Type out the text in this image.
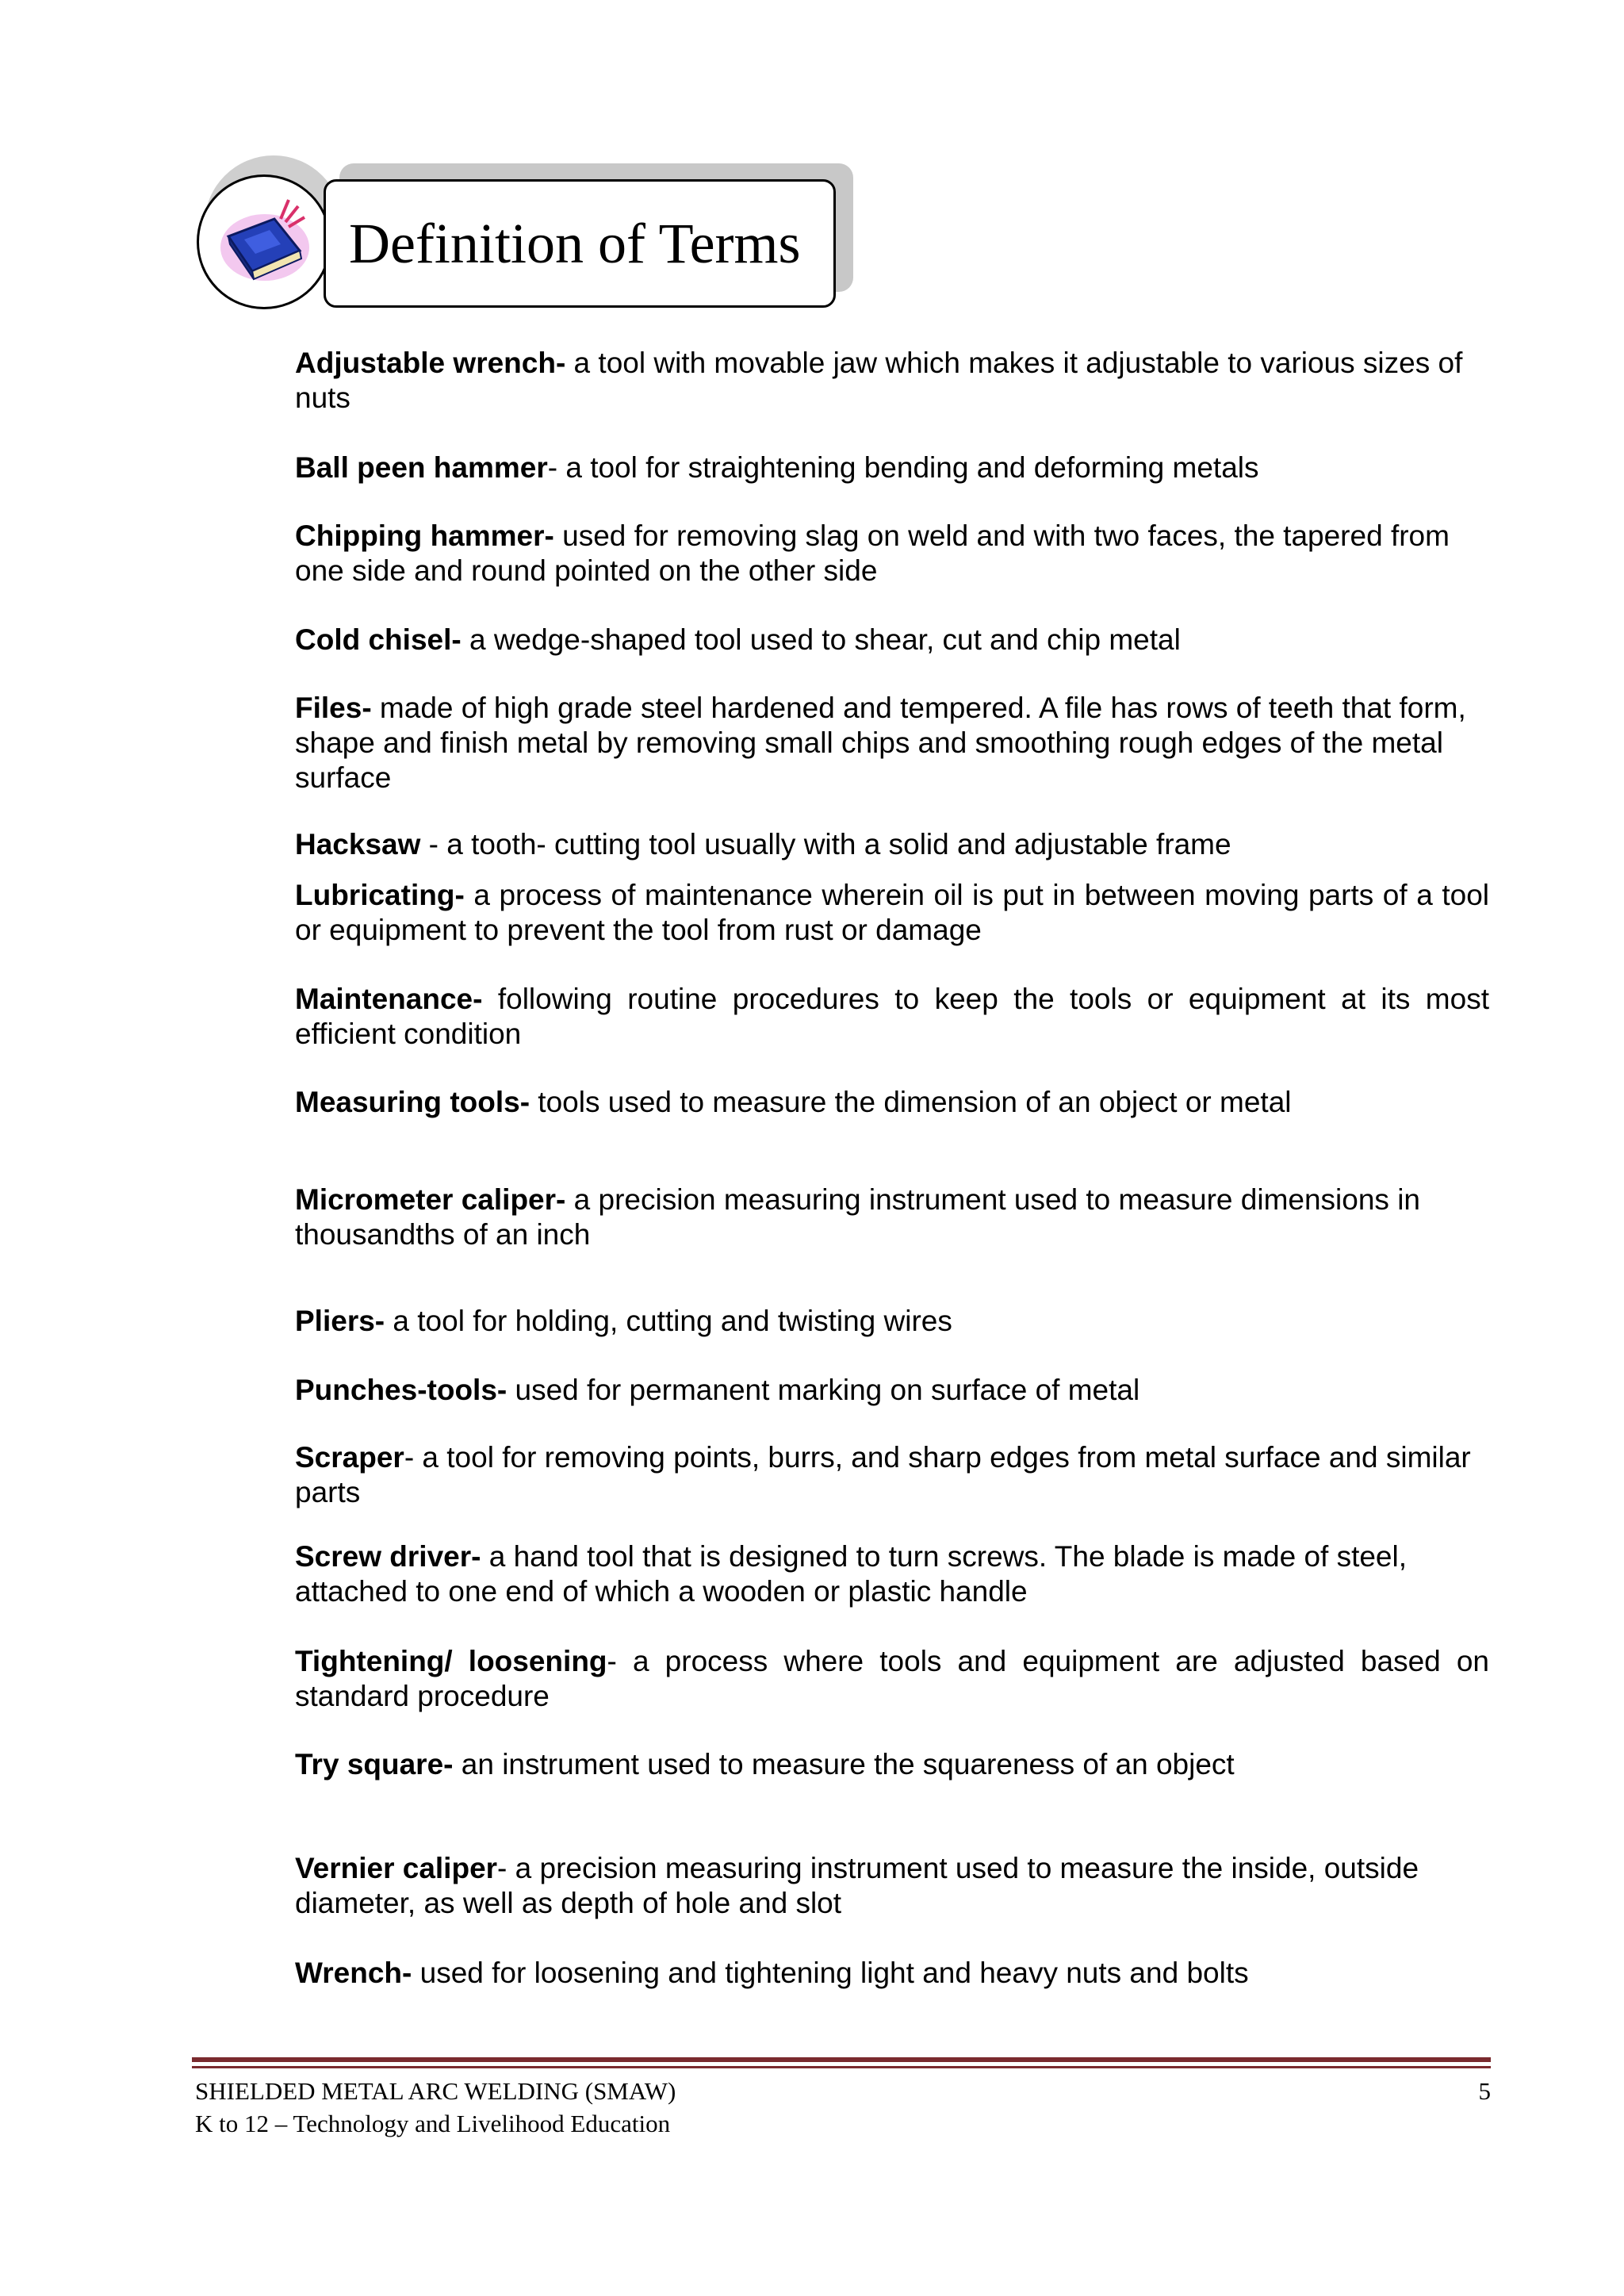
Definition of Terms

Adjustable wrench- a tool with movable jaw which makes it adjustable to various sizes of nuts

Ball peen hammer- a tool for straightening bending and deforming metals

Chipping hammer- used for removing slag on weld and with two faces, the tapered from one side and round pointed on the other side

Cold chisel- a wedge-shaped tool used to shear, cut and chip metal

Files- made of high grade steel hardened and tempered. A file has rows of teeth that form, shape and finish metal by removing small chips and smoothing rough edges of the metal surface

Hacksaw - a tooth- cutting tool usually with a solid and adjustable frame

Lubricating- a process of maintenance wherein oil is put in between moving parts of a tool or equipment to prevent the tool from rust or damage

Maintenance- following routine procedures to keep the tools or equipment at its most efficient condition

Measuring tools- tools used to measure the dimension of an object or metal

Micrometer caliper- a precision measuring instrument used to measure dimensions in thousandths of an inch

Pliers- a tool for holding, cutting and twisting wires

Punches-tools- used for permanent marking on surface of metal

Scraper- a tool for removing points, burrs, and sharp edges from metal surface and similar parts

Screw driver- a hand tool that is designed to turn screws. The blade is made of steel, attached to one end of which a wooden or plastic handle

Tightening/ loosening- a process where tools and equipment are adjusted based on standard procedure

Try square- an instrument used to measure the squareness of an object

Vernier caliper- a precision measuring instrument used to measure the inside, outside diameter, as well as depth of hole and slot

Wrench- used for loosening and tightening light and heavy nuts and bolts

SHIELDED METAL ARC WELDING (SMAW)
K to 12 – Technology and Livelihood Education
5
